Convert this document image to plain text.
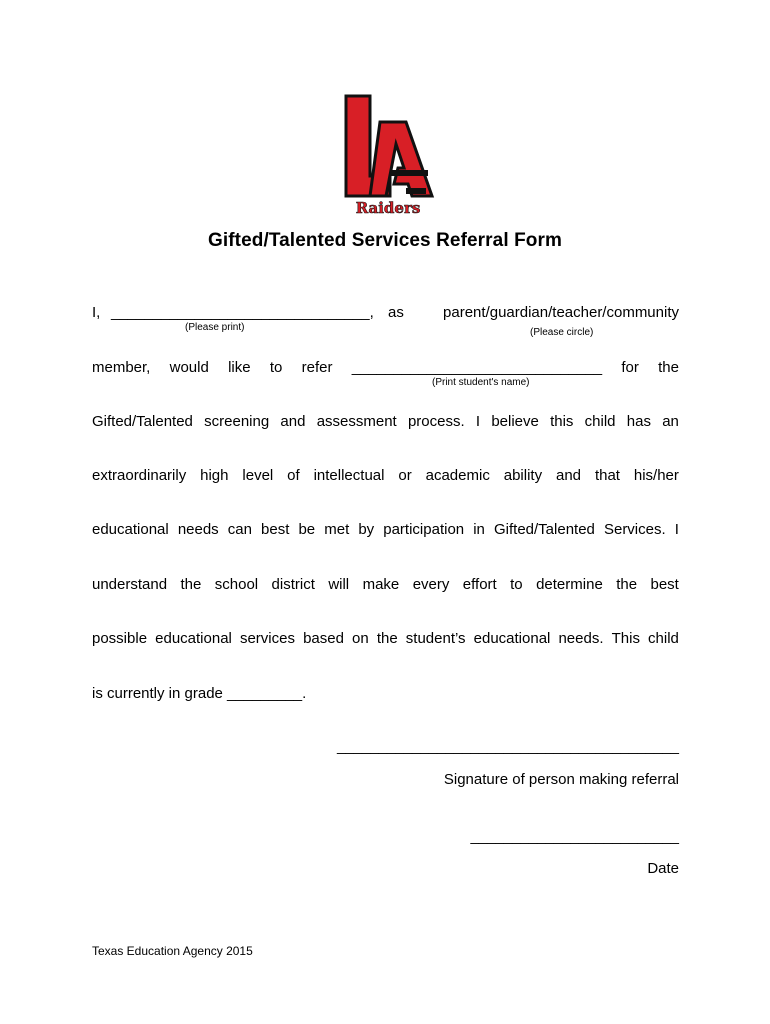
Raiders
Gifted/Talented Services Referral Form
I, _______________________________, as	parent/guardian/teacher/community
(Please print)	(Please circle)
member, would like to refer ______________________________ for the
(Print student's name)
Gifted/Talented screening and assessment process. I believe this child has an
extraordinarily high level of intellectual or academic ability and that his/her
educational needs can best be met by participation in Gifted/Talented Services. I
understand the school district will make every effort to determine the best
possible educational services based on the student’s educational needs. This child
is currently in grade _________.
_________________________________________
Signature of person making referral
_________________________
Date
Texas Education Agency 2015
